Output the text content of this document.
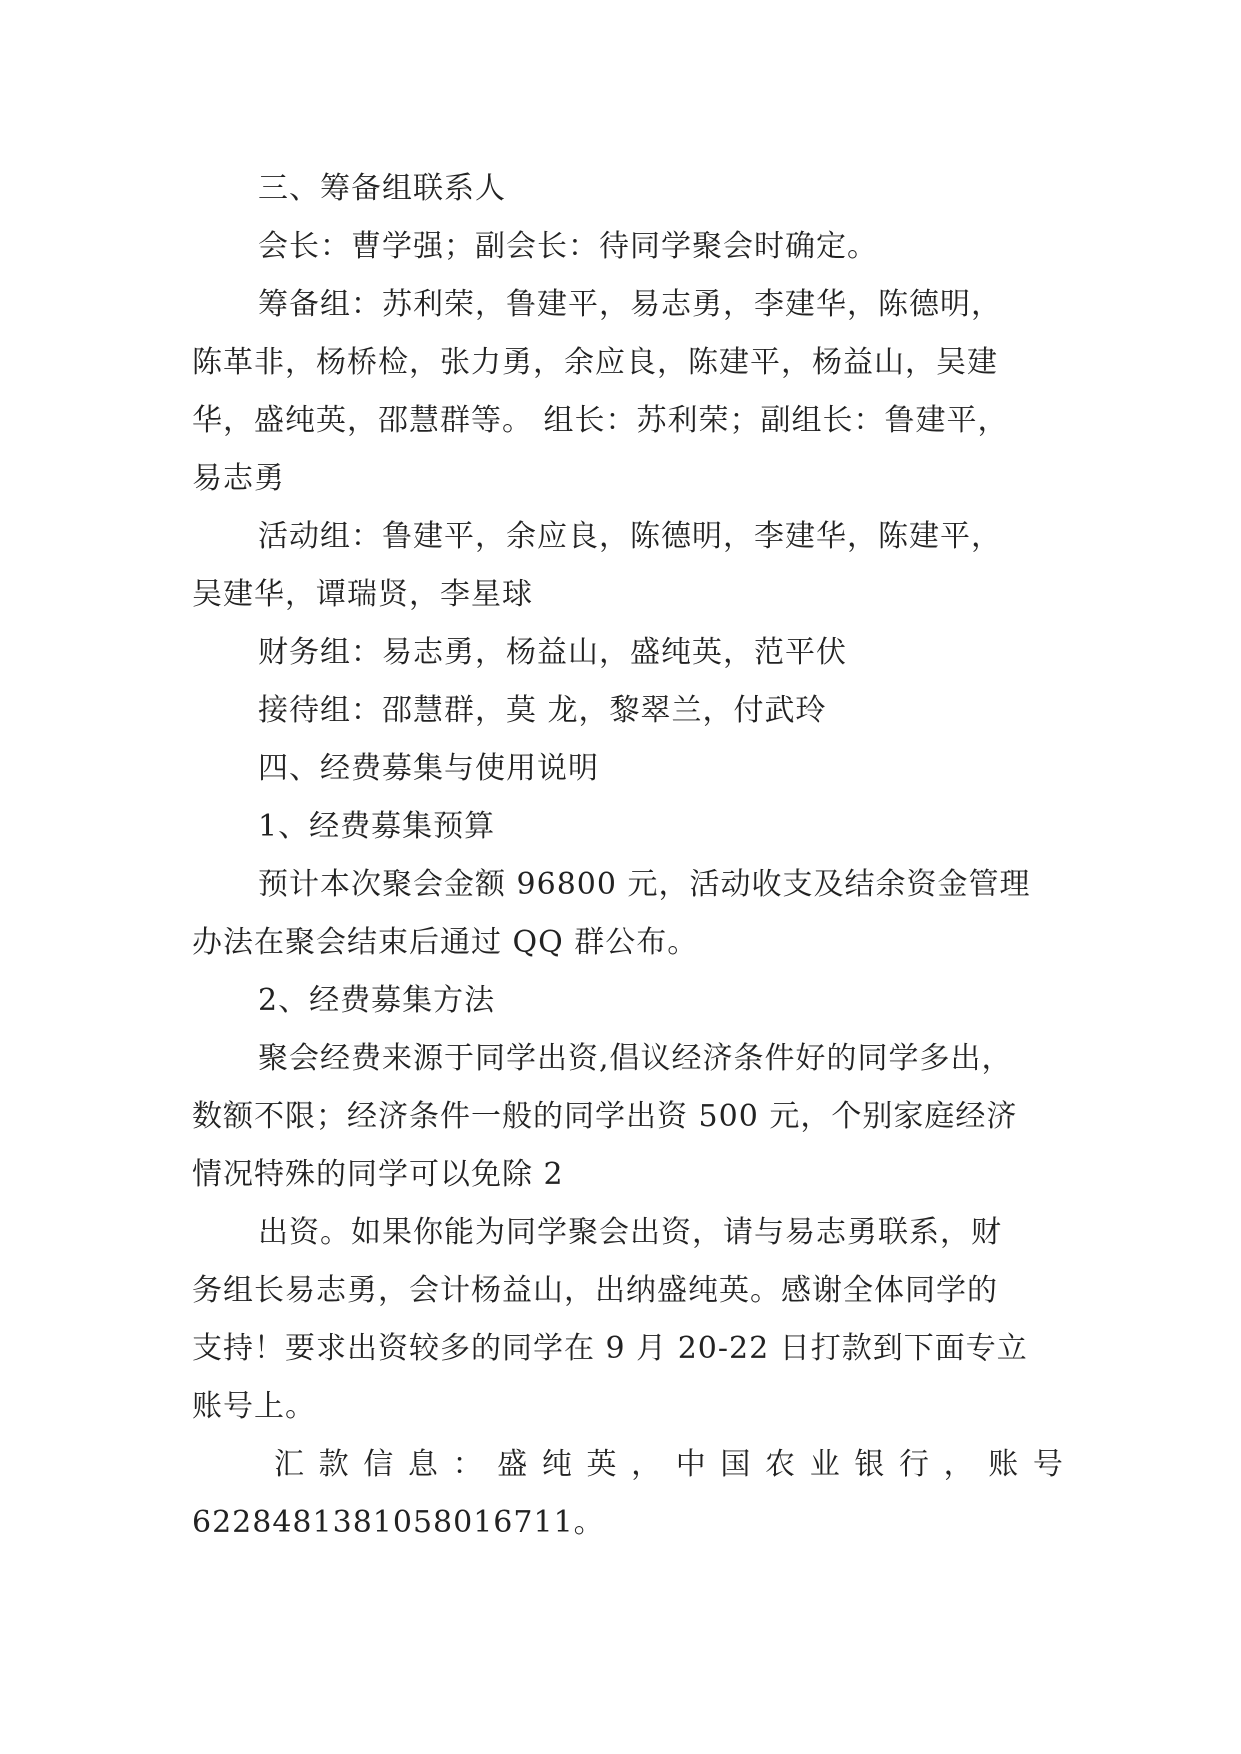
三、筹备组联系人
会长：曹学强；副会长：待同学聚会时确定。
筹备组：苏利荣，鲁建平，易志勇，李建华，陈德明，
陈革非，杨桥检，张力勇，余应良，陈建平，杨益山，吴建
华，盛纯英，邵慧群等。 组长：苏利荣；副组长：鲁建平，
易志勇
活动组：鲁建平，余应良，陈德明，李建华，陈建平，
吴建华，谭瑞贤，李星球
财务组：易志勇，杨益山，盛纯英，范平伏
接待组：邵慧群，莫 龙，黎翠兰，付武玲
四、经费募集与使用说明
1、经费募集预算
预计本次聚会金额 96800 元，活动收支及结余资金管理
办法在聚会结束后通过 QQ 群公布。
2、经费募集方法
聚会经费来源于同学出资,倡议经济条件好的同学多出，
数额不限；经济条件一般的同学出资 500 元，个别家庭经济
情况特殊的同学可以免除 2
出资。如果你能为同学聚会出资，请与易志勇联系，财
务组长易志勇，会计杨益山，出纳盛纯英。感谢全体同学的
支持！要求出资较多的同学在 9 月 20-22 日打款到下面专立
账号上。
汇 款 信 息 ： 盛 纯 英 ， 中 国 农 业 银 行 ， 账 号
6228481381058016711。
